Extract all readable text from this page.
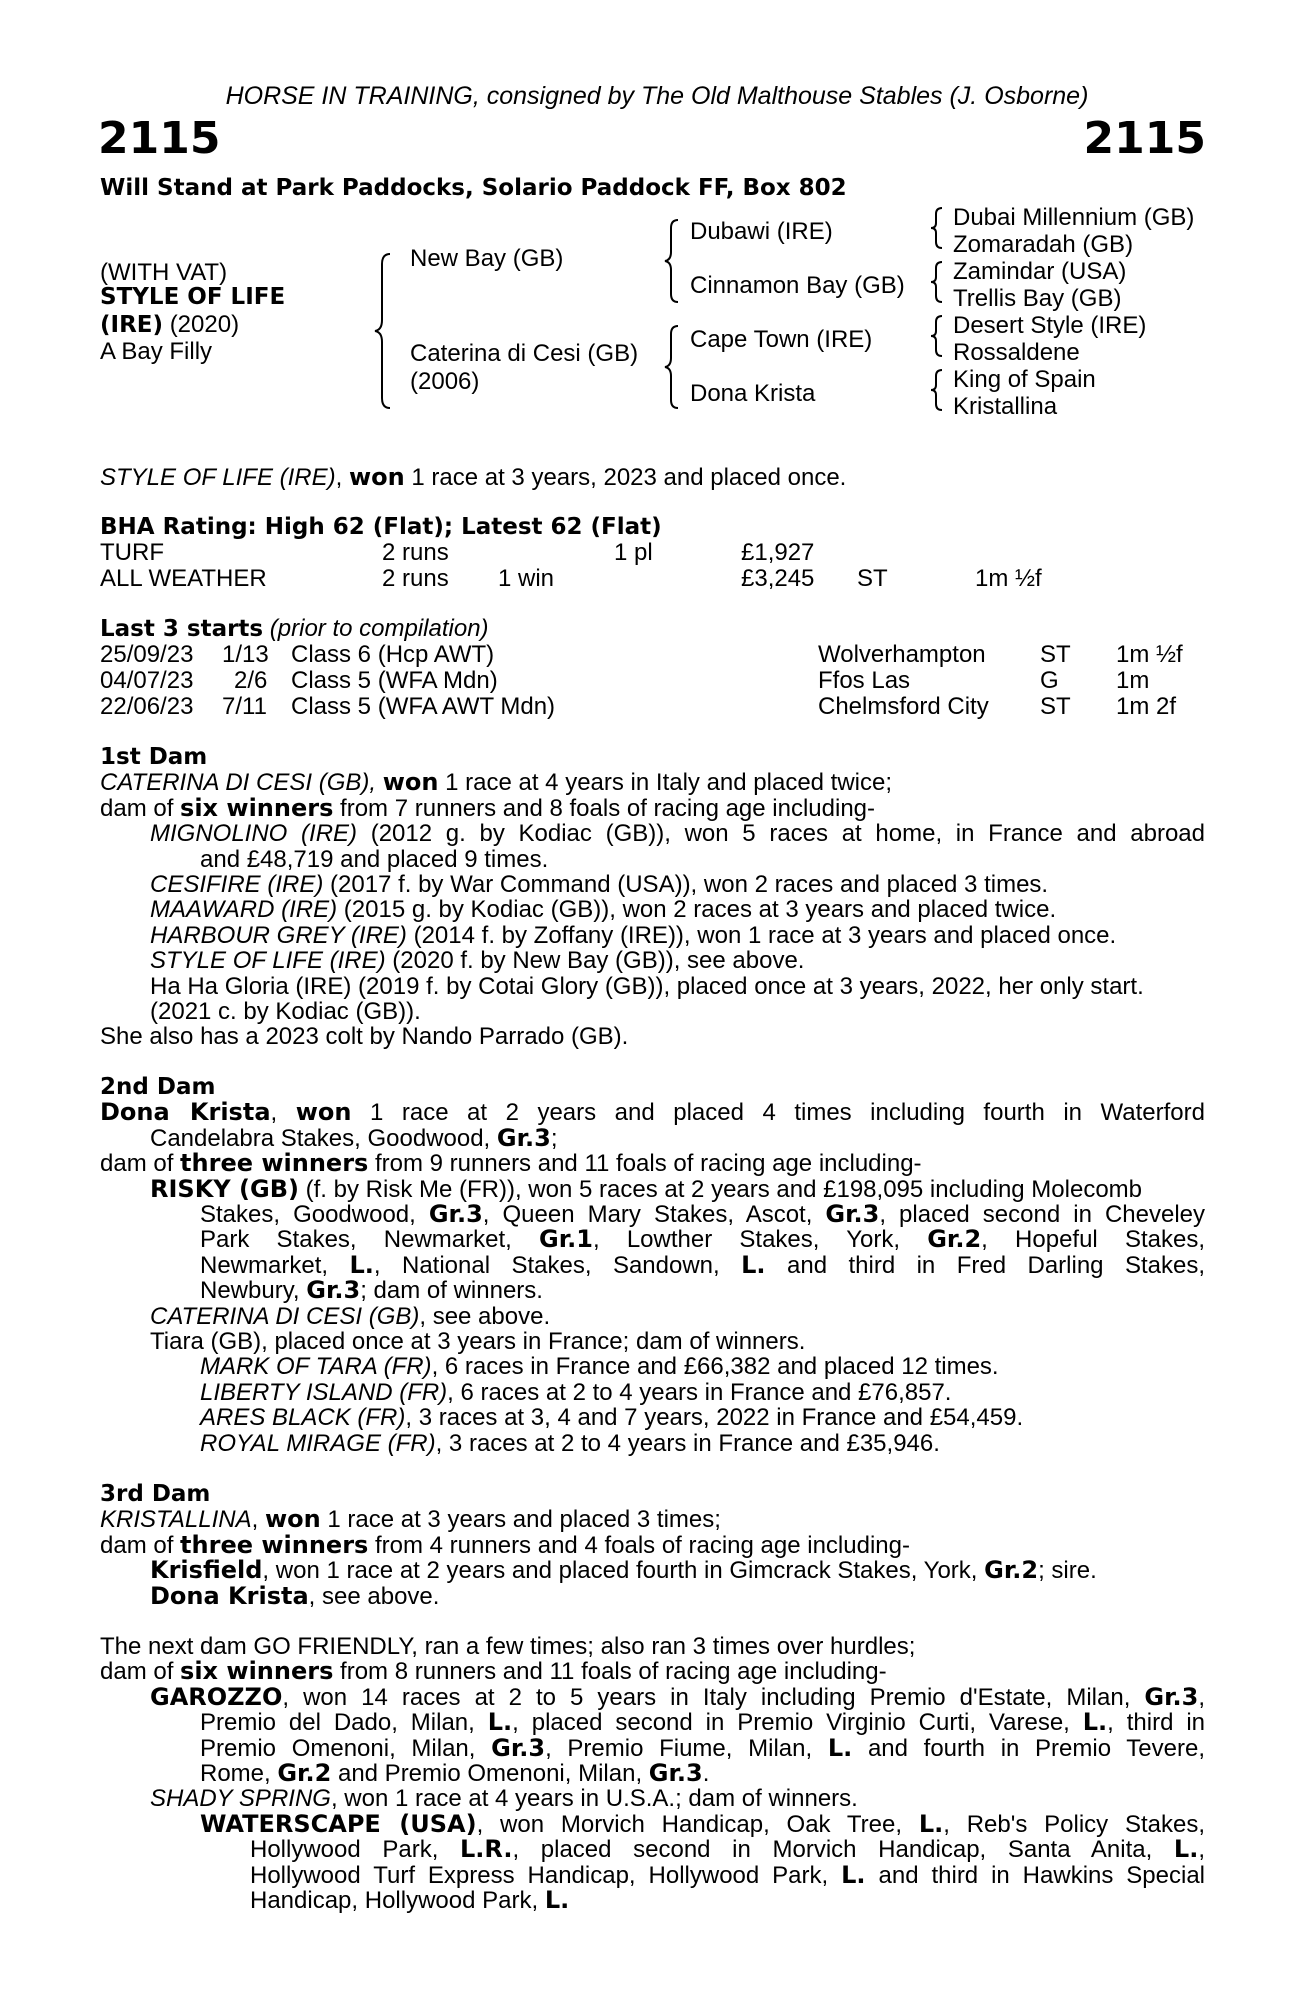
HORSE IN TRAINING, consigned by The Old Malthouse Stables (J. Osborne)
2115	2115
Will Stand at Park Paddocks, Solario Paddock FF, Box 802
(WITH VAT)
STYLE OF LIFE
(IRE) (2020)
A Bay Filly
New Bay (GB)
Caterina di Cesi (GB)
(2006)
Dubawi (IRE)
Cinnamon Bay (GB)
Cape Town (IRE)
Dona Krista
Dubai Millennium (GB)
Zomaradah (GB)
Zamindar (USA)
Trellis Bay (GB)
Desert Style (IRE)
Rossaldene
King of Spain
Kristallina
STYLE OF LIFE (IRE), won 1 race at 3 years, 2023 and placed once.
BHA Rating: High 62 (Flat); Latest 62 (Flat)
TURF	2 runs	1 pl	£1,927
ALL WEATHER	2 runs 1 win	£3,245 ST	1m ½f
Last 3 starts (prior to compilation)
25/09/23 1/13 Class 6 (Hcp AWT)	Wolverhampton ST 1m ½f
04/07/23 2/6 Class 5 (WFA Mdn)	Ffos Las	G 1m
22/06/23 7/11 Class 5 (WFA AWT Mdn)	Chelmsford City ST 1m 2f
1st Dam
CATERINA DI CESI (GB), won 1 race at 4 years in Italy and placed twice;
dam of six winners from 7 runners and 8 foals of racing age including-
MIGNOLINO (IRE) (2012 g. by Kodiac (GB)), won 5 races at home, in France and abroad
and £48,719 and placed 9 times.
CESIFIRE (IRE) (2017 f. by War Command (USA)), won 2 races and placed 3 times.
MAAWARD (IRE) (2015 g. by Kodiac (GB)), won 2 races at 3 years and placed twice.
HARBOUR GREY (IRE) (2014 f. by Zoffany (IRE)), won 1 race at 3 years and placed once.
STYLE OF LIFE (IRE) (2020 f. by New Bay (GB)), see above.
Ha Ha Gloria (IRE) (2019 f. by Cotai Glory (GB)), placed once at 3 years, 2022, her only start.
(2021 c. by Kodiac (GB)).
She also has a 2023 colt by Nando Parrado (GB).
2nd Dam
Dona Krista, won 1 race at 2 years and placed 4 times including fourth in Waterford
Candelabra Stakes, Goodwood, Gr.3;
dam of three winners from 9 runners and 11 foals of racing age including-
RISKY (GB) (f. by Risk Me (FR)), won 5 races at 2 years and £198,095 including Molecomb
Stakes, Goodwood, Gr.3, Queen Mary Stakes, Ascot, Gr.3, placed second in Cheveley
Park Stakes, Newmarket, Gr.1, Lowther Stakes, York, Gr.2, Hopeful Stakes,
Newmarket, L., National Stakes, Sandown, L. and third in Fred Darling Stakes,
Newbury, Gr.3; dam of winners.
CATERINA DI CESI (GB), see above.
Tiara (GB), placed once at 3 years in France; dam of winners.
MARK OF TARA (FR), 6 races in France and £66,382 and placed 12 times.
LIBERTY ISLAND (FR), 6 races at 2 to 4 years in France and £76,857.
ARES BLACK (FR), 3 races at 3, 4 and 7 years, 2022 in France and £54,459.
ROYAL MIRAGE (FR), 3 races at 2 to 4 years in France and £35,946.
3rd Dam
KRISTALLINA, won 1 race at 3 years and placed 3 times;
dam of three winners from 4 runners and 4 foals of racing age including-
Krisfield, won 1 race at 2 years and placed fourth in Gimcrack Stakes, York, Gr.2; sire.
Dona Krista, see above.
The next dam GO FRIENDLY, ran a few times; also ran 3 times over hurdles;
dam of six winners from 8 runners and 11 foals of racing age including-
GAROZZO, won 14 races at 2 to 5 years in Italy including Premio d'Estate, Milan, Gr.3,
Premio del Dado, Milan, L., placed second in Premio Virginio Curti, Varese, L., third in
Premio Omenoni, Milan, Gr.3, Premio Fiume, Milan, L. and fourth in Premio Tevere,
Rome, Gr.2 and Premio Omenoni, Milan, Gr.3.
SHADY SPRING, won 1 race at 4 years in U.S.A.; dam of winners.
WATERSCAPE (USA), won Morvich Handicap, Oak Tree, L., Reb's Policy Stakes,
Hollywood Park, L.R., placed second in Morvich Handicap, Santa Anita, L.,
Hollywood Turf Express Handicap, Hollywood Park, L. and third in Hawkins Special
Handicap, Hollywood Park, L.
